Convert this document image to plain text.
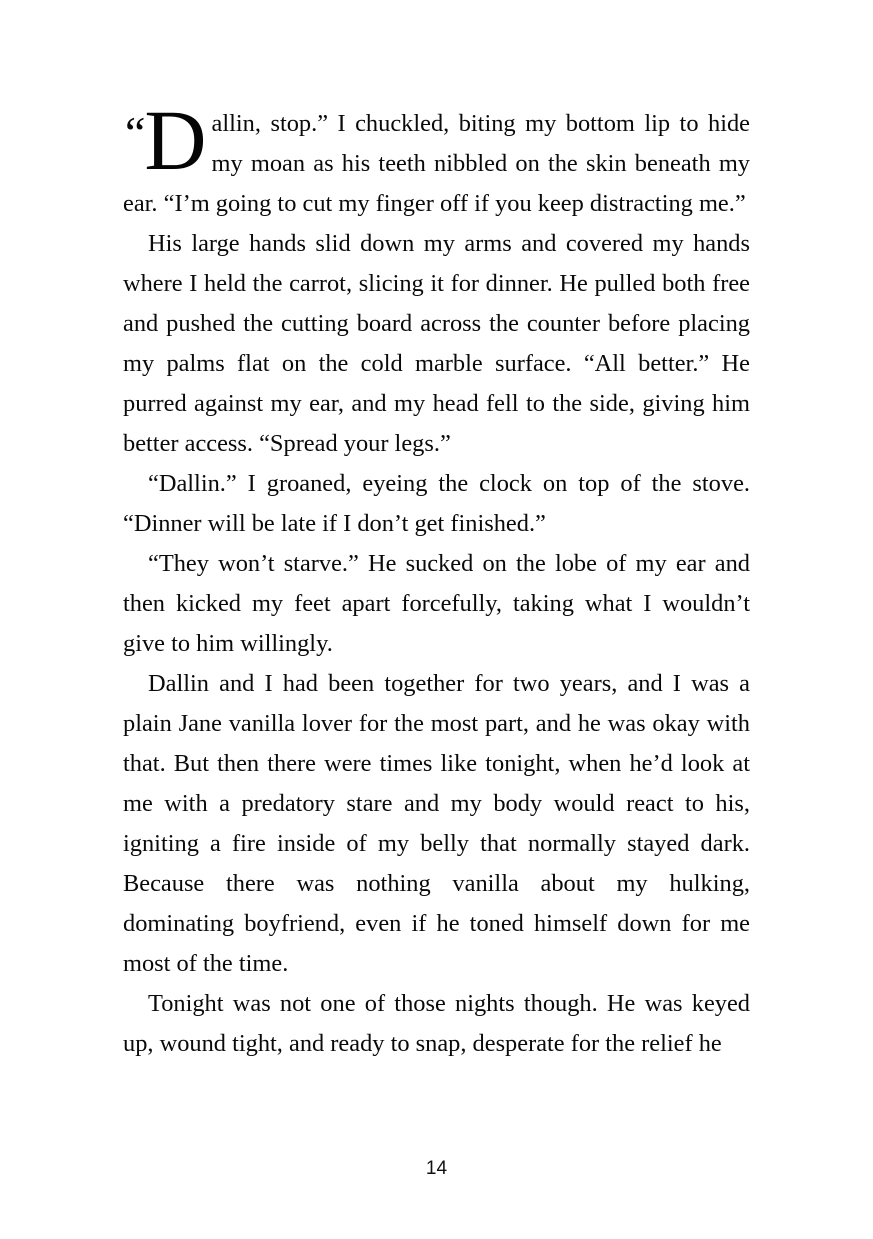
“ D allin, stop.” I chuckled, biting my bottom lip to hide my moan as his teeth nibbled on the skin beneath my ear. “I’m going to cut my finger off if you keep distracting me.”

His large hands slid down my arms and covered my hands where I held the carrot, slicing it for dinner. He pulled both free and pushed the cutting board across the counter before placing my palms flat on the cold marble surface. “All better.” He purred against my ear, and my head fell to the side, giving him better access. “Spread your legs.”

“Dallin.” I groaned, eyeing the clock on top of the stove. “Dinner will be late if I don’t get finished.”

“They won’t starve.” He sucked on the lobe of my ear and then kicked my feet apart forcefully, taking what I wouldn’t give to him willingly.

Dallin and I had been together for two years, and I was a plain Jane vanilla lover for the most part, and he was okay with that. But then there were times like tonight, when he’d look at me with a predatory stare and my body would react to his, igniting a fire inside of my belly that normally stayed dark. Because there was nothing vanilla about my hulking, dominating boyfriend, even if he toned himself down for me most of the time.

Tonight was not one of those nights though. He was keyed up, wound tight, and ready to snap, desperate for the relief he

14
